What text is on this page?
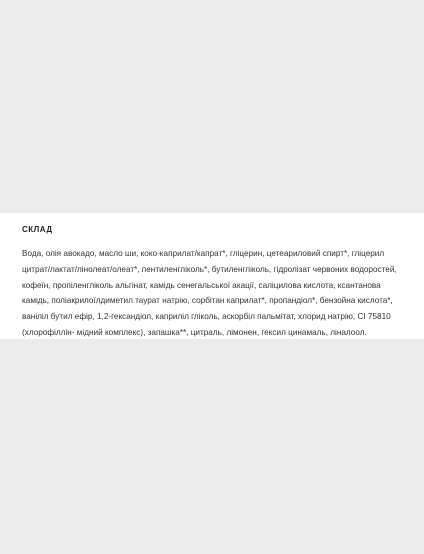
СКЛАД
Вода, олія авокадо, масло ши, коко-каприлат/капрат*, гліцерин, цетеариловий спирт*, гліцерил
цитрат/лактат/лінолеат/олеат*, пентиленгліколь*, бутиленгліколь, гідролізат червоних водоростей,
кофеїн, пропіленгліколь альгінат, камідь сенегальської акації, саліцилова кислота, ксантанова
камідь, поліакрилоїлдиметил таурат натрію, сорбітан каприлат*, пропандіол*, бензойна кислота*,
ваніліл бутил ефір, 1,2-гександіол, каприліл гліколь, аскорбіл пальмітат, хлорид натрію, CI 75810
(хлорофіллін- мідний комплекс), запашка**, цитраль, лімонен, гексил цинамаль, ліналоол.
